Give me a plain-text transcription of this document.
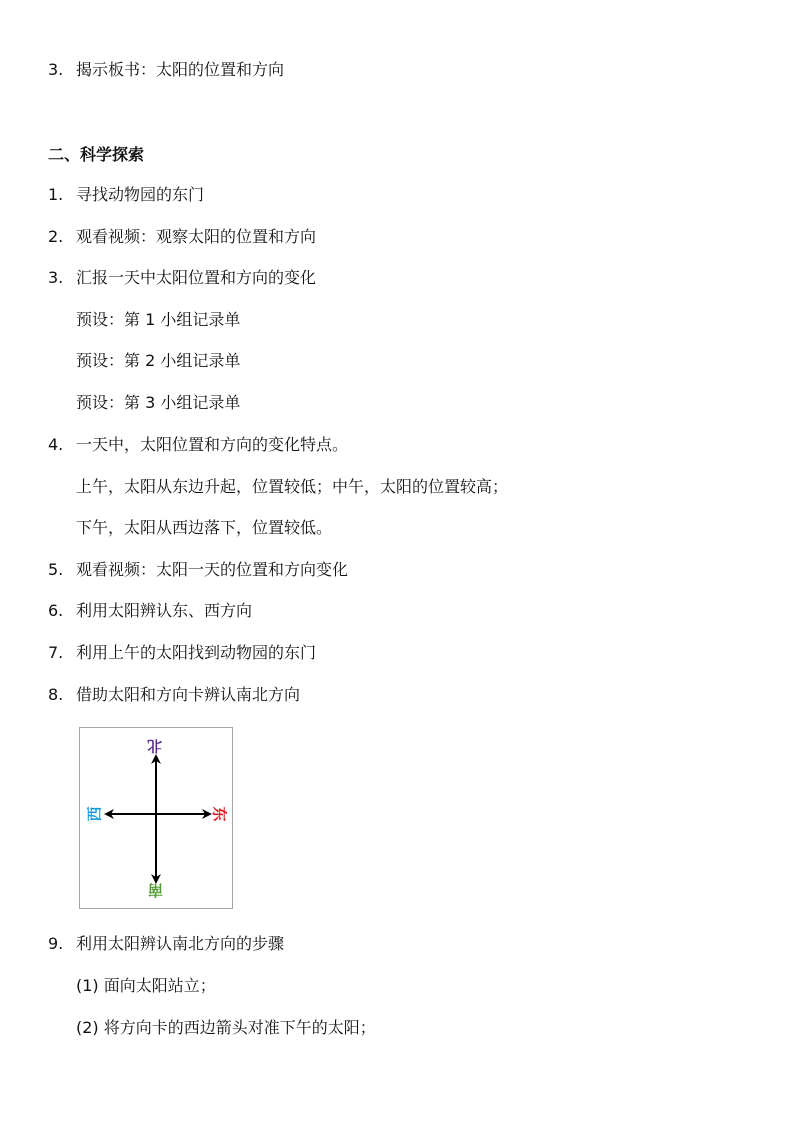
3. 揭示板书：太阳的位置和方向
二、科学探索
1. 寻找动物园的东门
2. 观看视频：观察太阳的位置和方向
3. 汇报一天中太阳位置和方向的变化
预设：第 1 小组记录单
预设：第 2 小组记录单
预设：第 3 小组记录单
4. 一天中，太阳位置和方向的变化特点。
上午，太阳从东边升起，位置较低；中午，太阳的位置较高；
下午，太阳从西边落下，位置较低。
5. 观看视频：太阳一天的位置和方向变化
6. 利用太阳辨认东、西方向
7. 利用上午的太阳找到动物园的东门
8. 借助太阳和方向卡辨认南北方向
北
南
东
西
9. 利用太阳辨认南北方向的步骤
(1) 面向太阳站立；
(2) 将方向卡的西边箭头对准下午的太阳；
